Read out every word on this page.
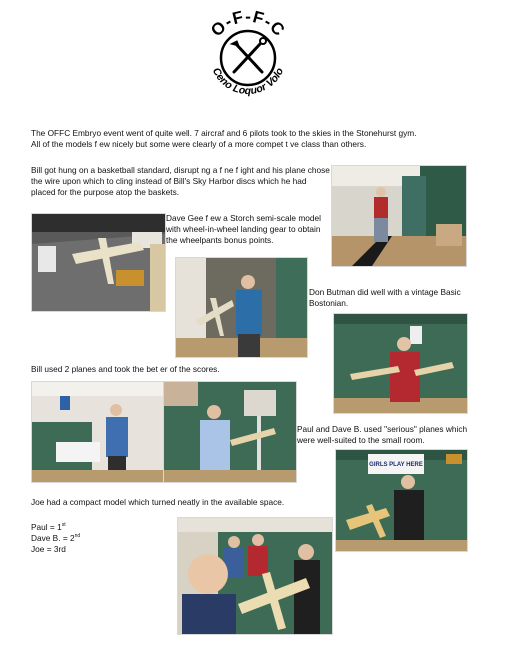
O-F-F-C
Ceno Loquor Volo
The OFFC Embryo event went of quite well. 7 aircraf and 6 pilots took to the skies in the Stonehurst gym.
All of the models f ew nicely but some were clearly of a more compet t ve class than others.
Bill got hung on a basketball standard, disrupt ng a f ne f ight and his plane chose the wire upon which to cling instead of Bill's Sky Harbor discs which he had placed for the purpose atop the baskets.
Dave Gee f ew a Storch semi-scale model with wheel-in-wheel landing gear to obtain the wheelpants bonus points.
Don Butman did well with a vintage Basic Bostonian.
Bill used 2 planes and took the bet er of the scores.
Paul and Dave B. used "serious" planes which were well-suited to the small room.
GIRLS PLAY HERE
Joe had a compact model which turned neatly in the available space.
Paul = 1st
Dave B. = 2nd
Joe = 3rd
